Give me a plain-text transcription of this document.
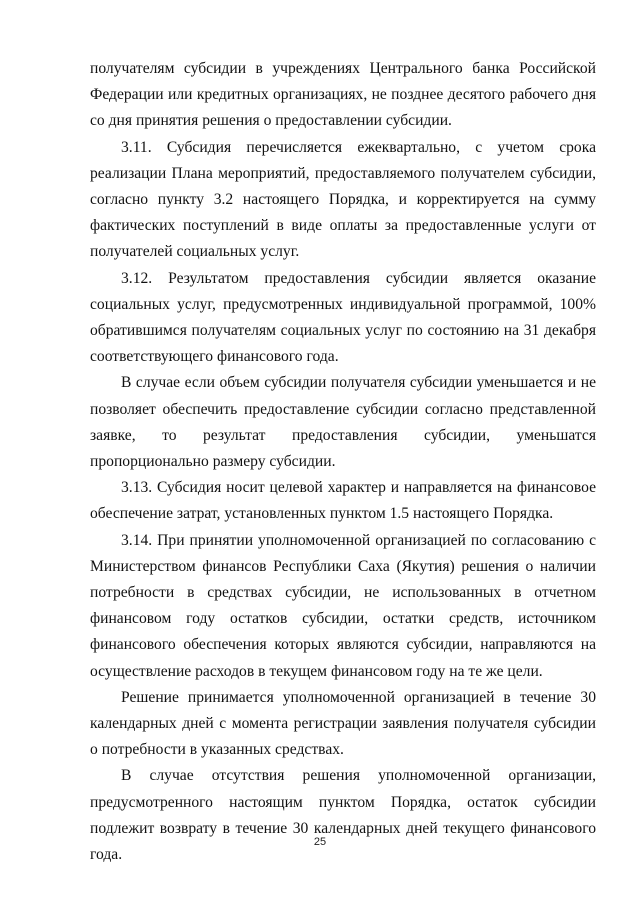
получателям субсидии в учреждениях Центрального банка Российской Федерации или кредитных организациях, не позднее десятого рабочего дня со дня принятия решения о предоставлении субсидии.

3.11. Субсидия перечисляется ежеквартально, с учетом срока реализации Плана мероприятий, предоставляемого получателем субсидии, согласно пункту 3.2 настоящего Порядка, и корректируется на сумму фактических поступлений в виде оплаты за предоставленные услуги от получателей социальных услуг.

3.12. Результатом предоставления субсидии является оказание социальных услуг, предусмотренных индивидуальной программой, 100% обратившимся получателям социальных услуг по состоянию на 31 декабря соответствующего финансового года.

В случае если объем субсидии получателя субсидии уменьшается и не позволяет обеспечить предоставление субсидии согласно представленной заявке, то результат предоставления субсидии, уменьшатся пропорционально размеру субсидии.

3.13. Субсидия носит целевой характер и направляется на финансовое обеспечение затрат, установленных пунктом 1.5 настоящего Порядка.

3.14. При принятии уполномоченной организацией по согласованию с Министерством финансов Республики Саха (Якутия) решения о наличии потребности в средствах субсидии, не использованных в отчетном финансовом году остатков субсидии, остатки средств, источником финансового обеспечения которых являются субсидии, направляются на осуществление расходов в текущем финансовом году на те же цели.

Решение принимается уполномоченной организацией в течение 30 календарных дней с момента регистрации заявления получателя субсидии о потребности в указанных средствах.

В случае отсутствия решения уполномоченной организации, предусмотренного настоящим пунктом Порядка, остаток субсидии подлежит возврату в течение 30 календарных дней текущего финансового года.

25
